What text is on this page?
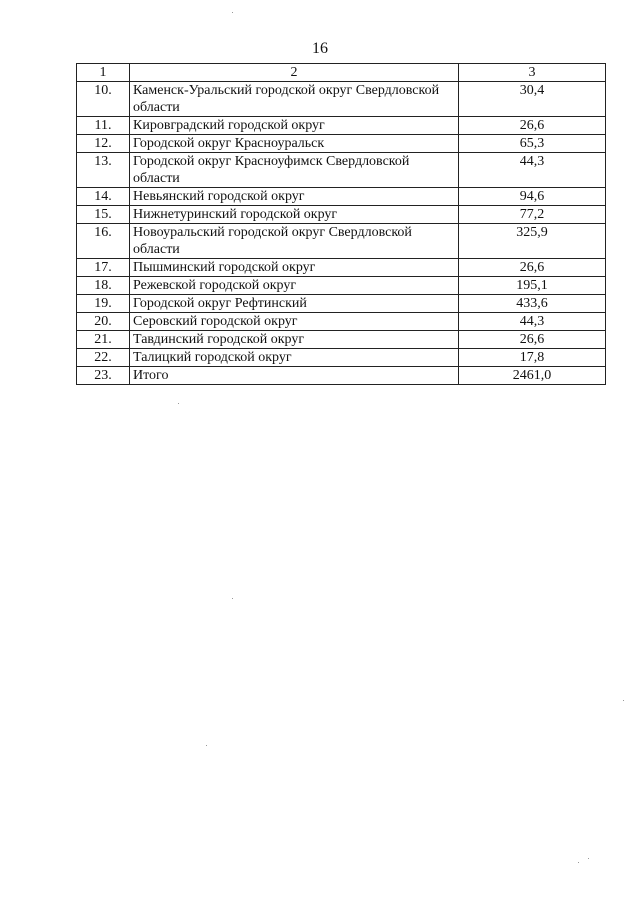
16
1	2	3
10.	Каменск-Уральский городской округ Свердловской области	30,4
11.	Кировградский городской округ	26,6
12.	Городской округ Красноуральск	65,3
13.	Городской округ Красноуфимск Свердловской области	44,3
14.	Невьянский городской округ	94,6
15.	Нижнетуринский городской округ	77,2
16.	Новоуральский городской округ Свердловской области	325,9
17.	Пышминский городской округ	26,6
18.	Режевской городской округ	195,1
19.	Городской округ Рефтинский	433,6
20.	Серовский городской округ	44,3
21.	Тавдинский городской округ	26,6
22.	Талицкий городской округ	17,8
23.	Итого	2461,0
